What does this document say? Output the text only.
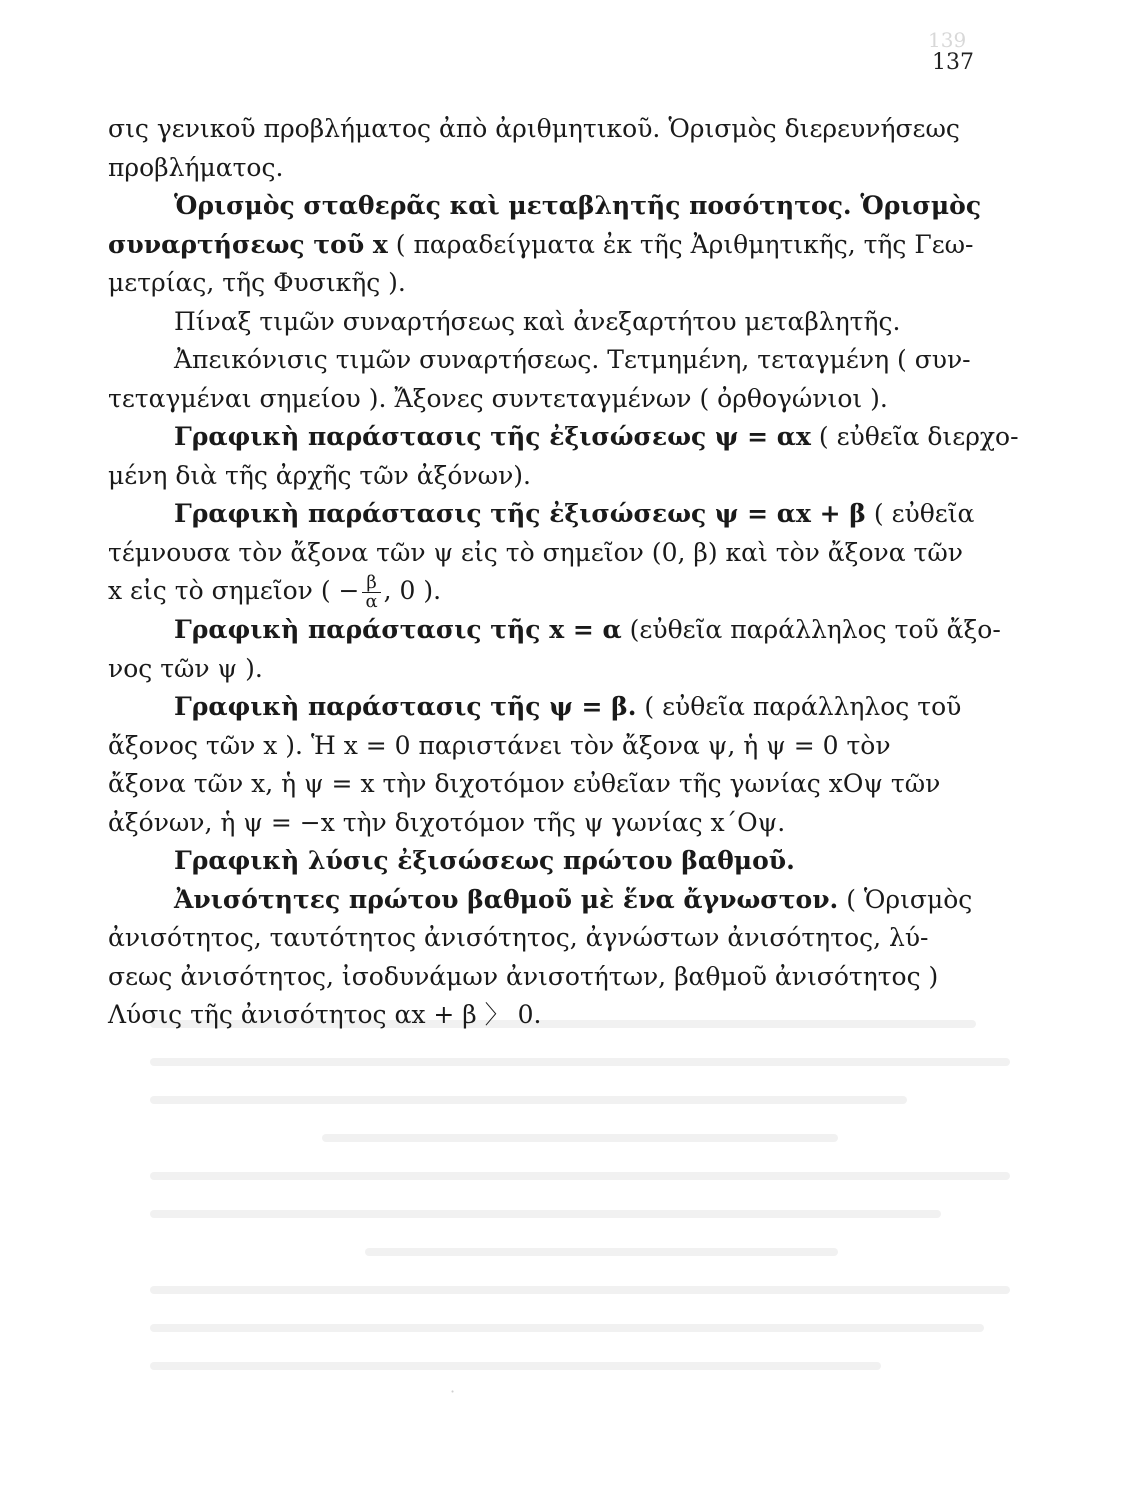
139
137
σις γενικοῦ προβλήματος ἀπὸ ἀριθμητικοῦ. Ὁρισμὸς διερευνήσεως
προβλήματος.
Ὁρισμὸς σταθερᾶς καὶ μεταβλητῆς ποσότητος. Ὁρισμὸς
συναρτήσεως τοῦ x ( παραδείγματα ἐκ τῆς Ἀριθμητικῆς, τῆς Γεω-
μετρίας, τῆς Φυσικῆς ).
Πίναξ τιμῶν συναρτήσεως καὶ ἀνεξαρτήτου μεταβλητῆς.
Ἀπεικόνισις τιμῶν συναρτήσεως. Τετμημένη, τεταγμένη ( συν-
τεταγμέναι σημείου ). Ἄξονες συντεταγμένων ( ὀρθογώνιοι ).
Γραφικὴ παράστασις τῆς ἐξισώσεως ψ = αx ( εὐθεῖα διερχο-
μένη διὰ τῆς ἀρχῆς τῶν ἀξόνων).
Γραφικὴ παράστασις τῆς ἐξισώσεως ψ = αx + β ( εὐθεῖα
τέμνουσα τὸν ἄξονα τῶν ψ εἰς τὸ σημεῖον (0, β) καὶ τὸν ἄξονα τῶν
x εἰς τὸ σημεῖον ( − $\frac{\beta}{\alpha}$ , 0 ).
Γραφικὴ παράστασις τῆς x = α (εὐθεῖα παράλληλος τοῦ ἄξο-
νος τῶν ψ ).
Γραφικὴ παράστασις τῆς ψ = β. ( εὐθεῖα παράλληλος τοῦ
ἄξονος τῶν x ). Ἡ x = 0 παριστάνει τὸν ἄξονα ψ, ἡ ψ = 0 τὸν
ἄξονα τῶν x, ἡ ψ = x τὴν διχοτόμον εὐθεῖαν τῆς γωνίας xOψ τῶν
ἀξόνων, ἡ ψ = −x τὴν διχοτόμον τῆς ψ γωνίας x΄Oψ.
Γραφικὴ λύσις ἐξισώσεως πρώτου βαθμοῦ.
Ἀνισότητες πρώτου βαθμοῦ μὲ ἕνα ἄγνωστον. ( Ὁρισμὸς
ἀνισότητος, ταυτότητος ἀνισότητος, ἀγνώστων ἀνισότητος, λύ-
σεως ἀνισότητος, ἰσοδυνάμων ἀνισοτήτων, βαθμοῦ ἀνισότητος )
Λύσις τῆς ἀνισότητος αx + β 〉 0.
·
